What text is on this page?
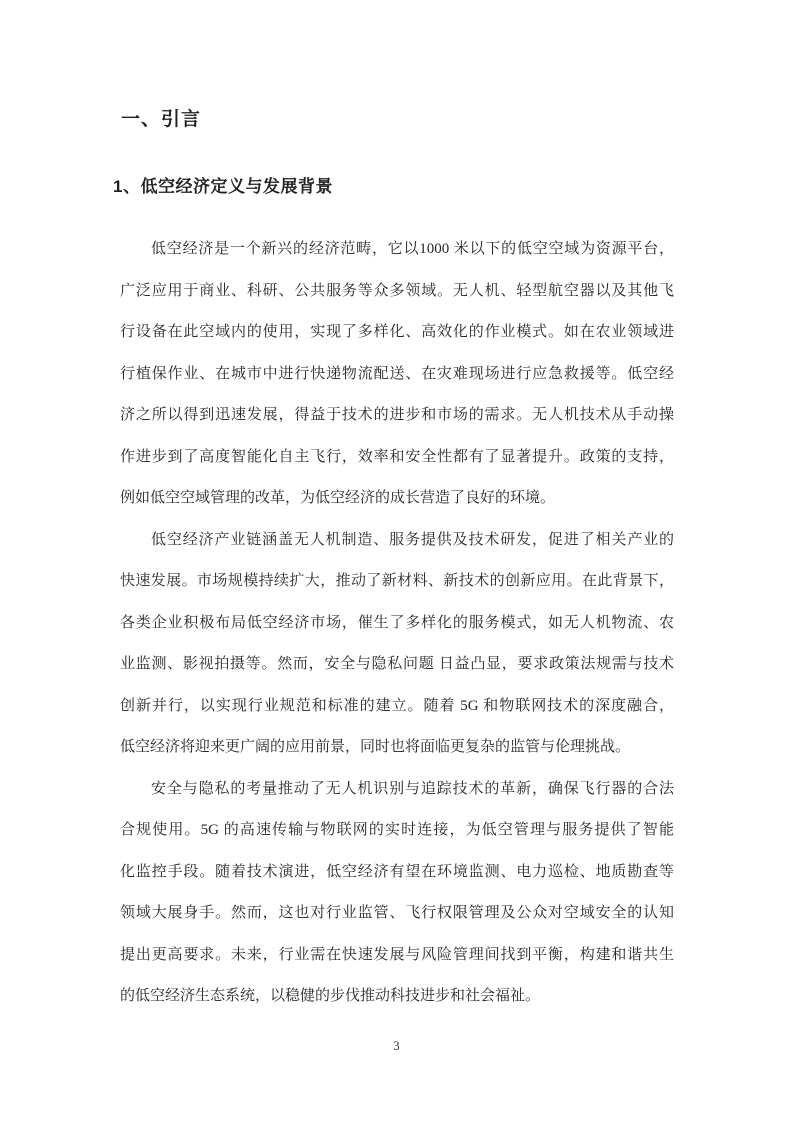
一、引言
1、低空经济定义与发展背景
低空经济是一个新兴的经济范畴，它以1000 米以下的低空空域为资源平台，
广泛应用于商业、科研、公共服务等众多领域。无人机、轻型航空器以及其他飞
行设备在此空域内的使用，实现了多样化、高效化的作业模式。如在农业领域进
行植保作业、在城市中进行快递物流配送、在灾难现场进行应急救援等。低空经
济之所以得到迅速发展，得益于技术的进步和市场的需求。无人机技术从手动操
作进步到了高度智能化自主飞行，效率和安全性都有了显著提升。政策的支持，
例如低空空域管理的改革，为低空经济的成长营造了良好的环境。
低空经济产业链涵盖无人机制造、服务提供及技术研发，促进了相关产业的
快速发展。市场规模持续扩大，推动了新材料、新技术的创新应用。在此背景下，
各类企业积极布局低空经济市场，催生了多样化的服务模式，如无人机物流、农
业监测、影视拍摄等。然而，安全与隐私问题 日益凸显，要求政策法规需与技术
创新并行，以实现行业规范和标准的建立。随着 5G 和物联网技术的深度融合，
低空经济将迎来更广阔的应用前景，同时也将面临更复杂的监管与伦理挑战。
安全与隐私的考量推动了无人机识别与追踪技术的革新，确保飞行器的合法
合规使用。5G 的高速传输与物联网的实时连接，为低空管理与服务提供了智能
化监控手段。随着技术演进，低空经济有望在环境监测、电力巡检、地质勘查等
领域大展身手。然而，这也对行业监管、飞行权限管理及公众对空域安全的认知
提出更高要求。未来，行业需在快速发展与风险管理间找到平衡，构建和谐共生
的低空经济生态系统，以稳健的步伐推动科技进步和社会福祉。
3
